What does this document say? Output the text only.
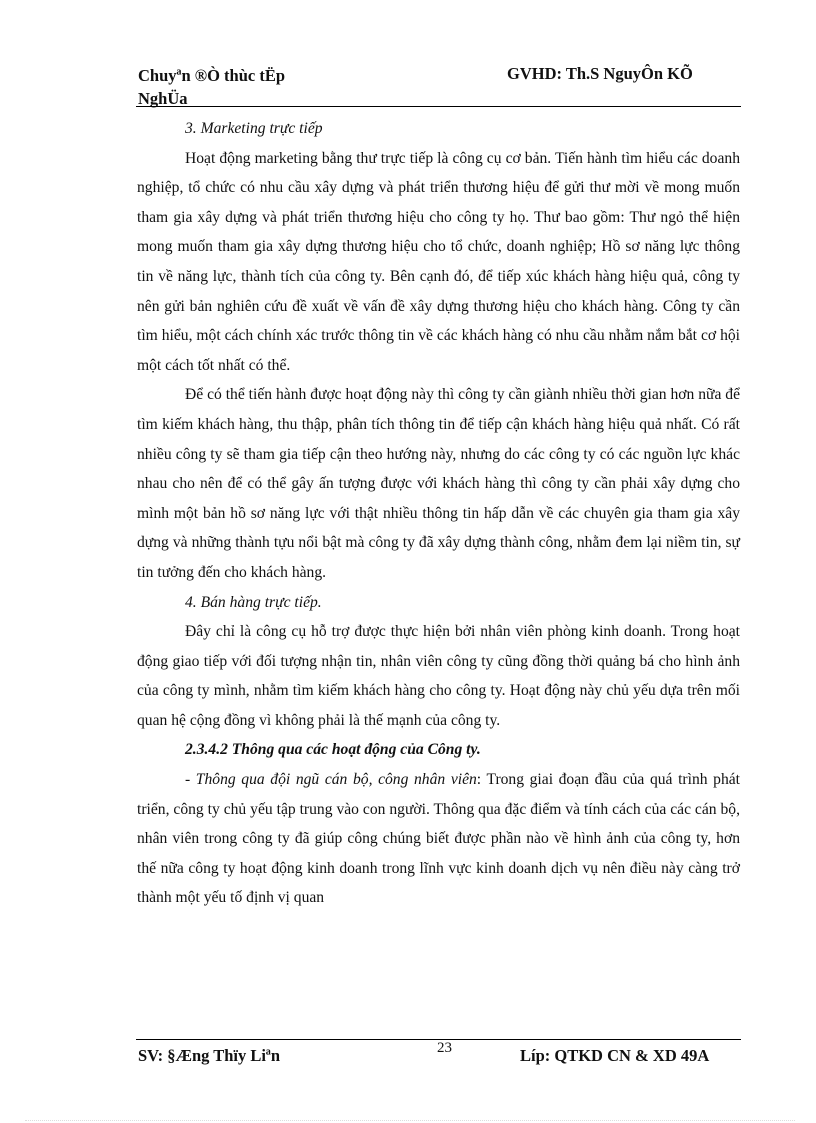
Chuyªn ®Ò thùc tËp
NghÜa
GVHD: Th.S NguyÔn KÕ

3. Marketing trực tiếp

Hoạt động marketing bằng thư trực tiếp là công cụ cơ bản. Tiến hành tìm hiểu các doanh nghiệp, tổ chức có nhu cầu xây dựng và phát triển thương hiệu để gửi thư mời về mong muốn tham gia xây dựng và phát triển thương hiệu cho công ty họ. Thư bao gồm: Thư ngỏ thể hiện mong muốn tham gia xây dựng thương hiệu cho tổ chức, doanh nghiệp; Hồ sơ năng lực thông tin về năng lực, thành tích của công ty. Bên cạnh đó, để tiếp xúc khách hàng hiệu quả, công ty nên gửi bản nghiên cứu đề xuất về vấn đề xây dựng thương hiệu cho khách hàng. Công ty cần tìm hiểu, một cách chính xác trước thông tin về các khách hàng có nhu cầu nhằm nắm bắt cơ hội một cách tốt nhất có thể.

Để có thể tiến hành được hoạt động này thì công ty cần giành nhiều thời gian hơn nữa để tìm kiếm khách hàng, thu thập, phân tích thông tin để tiếp cận khách hàng hiệu quả nhất. Có rất nhiều công ty sẽ tham gia tiếp cận theo hướng này, nhưng do các công ty có các nguồn lực khác nhau cho nên để có thể gây ấn tượng được với khách hàng thì công ty cần phải xây dựng cho mình một bản hồ sơ năng lực với thật nhiều thông tin hấp dẫn về các chuyên gia tham gia xây dựng và những thành tựu nổi bật mà công ty đã xây dựng thành công, nhằm đem lại niềm tin, sự tin tưởng đến cho khách hàng.

4. Bán hàng trực tiếp.

Đây chỉ là công cụ hỗ trợ được thực hiện bởi nhân viên phòng kinh doanh. Trong hoạt động giao tiếp với đối tượng nhận tin, nhân viên công ty cũng đồng thời quảng bá cho hình ảnh của công ty mình, nhằm tìm kiếm khách hàng cho công ty. Hoạt động này chủ yếu dựa trên mối quan hệ cộng đồng vì không phải là thế mạnh của công ty.

2.3.4.2 Thông qua các hoạt động của Công ty.

- Thông qua đội ngũ cán bộ, công nhân viên: Trong giai đoạn đầu của quá trình phát triển, công ty chủ yếu tập trung vào con người. Thông qua đặc điểm và tính cách của các cán bộ, nhân viên trong công ty đã giúp công chúng biết được phần nào về hình ảnh của công ty, hơn thế nữa công ty hoạt động kinh doanh trong lĩnh vực kinh doanh dịch vụ nên điều này càng trở thành một yếu tố định vị quan

SV: §Æng Thïy Liªn	23	Líp: QTKD CN & XD 49A
